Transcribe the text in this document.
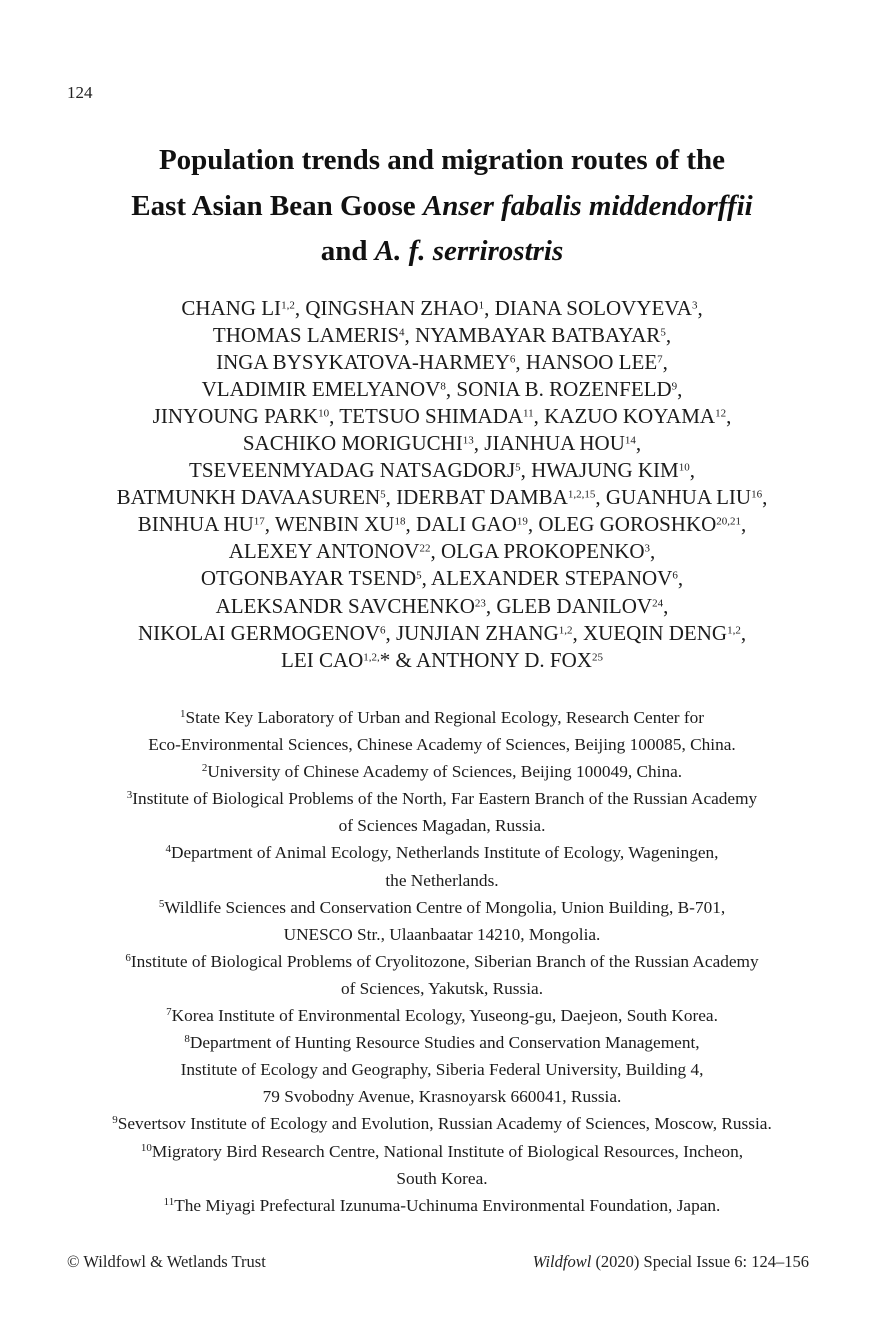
124
Population trends and migration routes of the
East Asian Bean Goose Anser fabalis middendorffii
and A. f. serrirostris
CHANG LI$^{1,2}$, QINGSHAN ZHAO$^1$, DIANA SOLOVYEVA$^3$,
THOMAS LAMERIS$^4$, NYAMBAYAR BATBAYAR$^5$,
INGA BYSYKATOVA-HARMEY$^6$, HANSOO LEE$^7$,
VLADIMIR EMELYANOV$^8$, SONIA B. ROZENFELD$^9$,
JINYOUNG PARK$^{10}$, TETSUO SHIMADA$^{11}$, KAZUO KOYAMA$^{12}$,
SACHIKO MORIGUCHI$^{13}$, JIANHUA HOU$^{14}$,
TSEVEENMYADAG NATSAGDORJ$^5$, HWAJUNG KIM$^{10}$,
BATMUNKH DAVAASUREN$^5$, IDERBAT DAMBA$^{1,2,15}$, GUANHUA LIU$^{16}$,
BINHUA HU$^{17}$, WENBIN XU$^{18}$, DALI GAO$^{19}$, OLEG GOROSHKO$^{20,21}$,
ALEXEY ANTONOV$^{22}$, OLGA PROKOPENKO$^3$,
OTGONBAYAR TSEND$^5$, ALEXANDER STEPANOV$^6$,
ALEKSANDR SAVCHENKO$^{23}$, GLEB DANILOV$^{24}$,
NIKOLAI GERMOGENOV$^6$, JUNJIAN ZHANG$^{1,2}$, XUEQIN DENG$^{1,2}$,
LEI $CAO^{1,2,}*$ & ANTHONY D. FOX$^{25}$
$^1$State Key Laboratory of Urban and Regional Ecology, Research Center for
Eco-Environmental Sciences, Chinese Academy of Sciences, Beijing 100085, China.
$^2$University of Chinese Academy of Sciences, Beijing 100049, China.
$^3$Institute of Biological Problems of the North, Far Eastern Branch of the Russian Academy
of Sciences Magadan, Russia.
$^4$Department of Animal Ecology, Netherlands Institute of Ecology, Wageningen,
the Netherlands.
$^5$Wildlife Sciences and Conservation Centre of Mongolia, Union Building, B-701,
UNESCO Str., Ulaanbaatar 14210, Mongolia.
$^6$Institute of Biological Problems of Cryolitozone, Siberian Branch of the Russian Academy
of Sciences, Yakutsk, Russia.
$^7$Korea Institute of Environmental Ecology, Yuseong-gu, Daejeon, South Korea.
$^8$Department of Hunting Resource Studies and Conservation Management,
Institute of Ecology and Geography, Siberia Federal University, Building 4,
79 Svobodny Avenue, Krasnoyarsk 660041, Russia.
$^9$Severtsov Institute of Ecology and Evolution, Russian Academy of Sciences, Moscow, Russia.
$^{10}$Migratory Bird Research Centre, National Institute of Biological Resources, Incheon,
South Korea.
$^{11}$The Miyagi Prefectural Izunuma-Uchinuma Environmental Foundation, Japan.
© Wildfowl & Wetlands Trust	Wildfowl (2020) Special Issue 6: 124–156
